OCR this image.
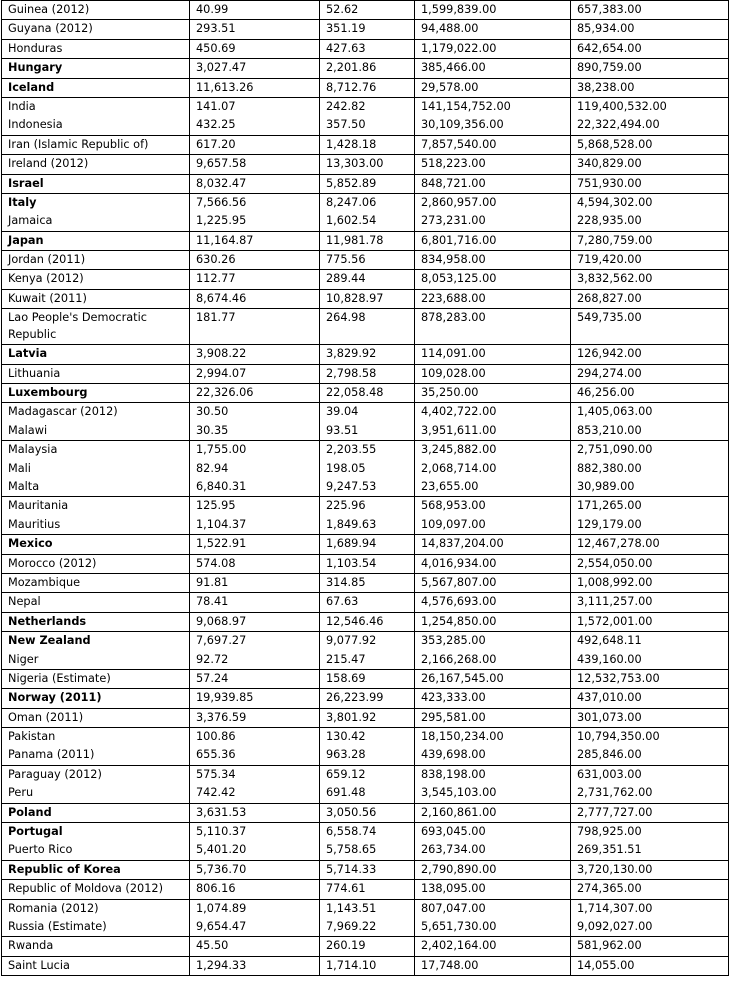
Guinea (2012)	40.99	52.62	1,599,839.00	657,383.00
Guyana (2012)	293.51	351.19	94,488.00	85,934.00
Honduras	450.69	427.63	1,179,022.00	642,654.00
Hungary	3,027.47	2,201.86	385,466.00	890,759.00
Iceland	11,613.26	8,712.76	29,578.00	38,238.00
India	141.07	242.82	141,154,752.00	119,400,532.00
Indonesia	432.25	357.50	30,109,356.00	22,322,494.00
Iran (Islamic Republic of)	617.20	1,428.18	7,857,540.00	5,868,528.00
Ireland (2012)	9,657.58	13,303.00	518,223.00	340,829.00
Israel	8,032.47	5,852.89	848,721.00	751,930.00
Italy	7,566.56	8,247.06	2,860,957.00	4,594,302.00
Jamaica	1,225.95	1,602.54	273,231.00	228,935.00
Japan	11,164.87	11,981.78	6,801,716.00	7,280,759.00
Jordan (2011)	630.26	775.56	834,958.00	719,420.00
Kenya (2012)	112.77	289.44	8,053,125.00	3,832,562.00
Kuwait (2011)	8,674.46	10,828.97	223,688.00	268,827.00
Lao People's Democratic Republic	181.77	264.98	878,283.00	549,735.00
Latvia	3,908.22	3,829.92	114,091.00	126,942.00
Lithuania	2,994.07	2,798.58	109,028.00	294,274.00
Luxembourg	22,326.06	22,058.48	35,250.00	46,256.00
Madagascar (2012)	30.50	39.04	4,402,722.00	1,405,063.00
Malawi	30.35	93.51	3,951,611.00	853,210.00
Malaysia	1,755.00	2,203.55	3,245,882.00	2,751,090.00
Mali	82.94	198.05	2,068,714.00	882,380.00
Malta	6,840.31	9,247.53	23,655.00	30,989.00
Mauritania	125.95	225.96	568,953.00	171,265.00
Mauritius	1,104.37	1,849.63	109,097.00	129,179.00
Mexico	1,522.91	1,689.94	14,837,204.00	12,467,278.00
Morocco (2012)	574.08	1,103.54	4,016,934.00	2,554,050.00
Mozambique	91.81	314.85	5,567,807.00	1,008,992.00
Nepal	78.41	67.63	4,576,693.00	3,111,257.00
Netherlands	9,068.97	12,546.46	1,254,850.00	1,572,001.00
New Zealand	7,697.27	9,077.92	353,285.00	492,648.11
Niger	92.72	215.47	2,166,268.00	439,160.00
Nigeria (Estimate)	57.24	158.69	26,167,545.00	12,532,753.00
Norway (2011)	19,939.85	26,223.99	423,333.00	437,010.00
Oman (2011)	3,376.59	3,801.92	295,581.00	301,073.00
Pakistan	100.86	130.42	18,150,234.00	10,794,350.00
Panama (2011)	655.36	963.28	439,698.00	285,846.00
Paraguay (2012)	575.34	659.12	838,198.00	631,003.00
Peru	742.42	691.48	3,545,103.00	2,731,762.00
Poland	3,631.53	3,050.56	2,160,861.00	2,777,727.00
Portugal	5,110.37	6,558.74	693,045.00	798,925.00
Puerto Rico	5,401.20	5,758.65	263,734.00	269,351.51
Republic of Korea	5,736.70	5,714.33	2,790,890.00	3,720,130.00
Republic of Moldova (2012)	806.16	774.61	138,095.00	274,365.00
Romania (2012)	1,074.89	1,143.51	807,047.00	1,714,307.00
Russia (Estimate)	9,654.47	7,969.22	5,651,730.00	9,092,027.00
Rwanda	45.50	260.19	2,402,164.00	581,962.00
Saint Lucia	1,294.33	1,714.10	17,748.00	14,055.00
